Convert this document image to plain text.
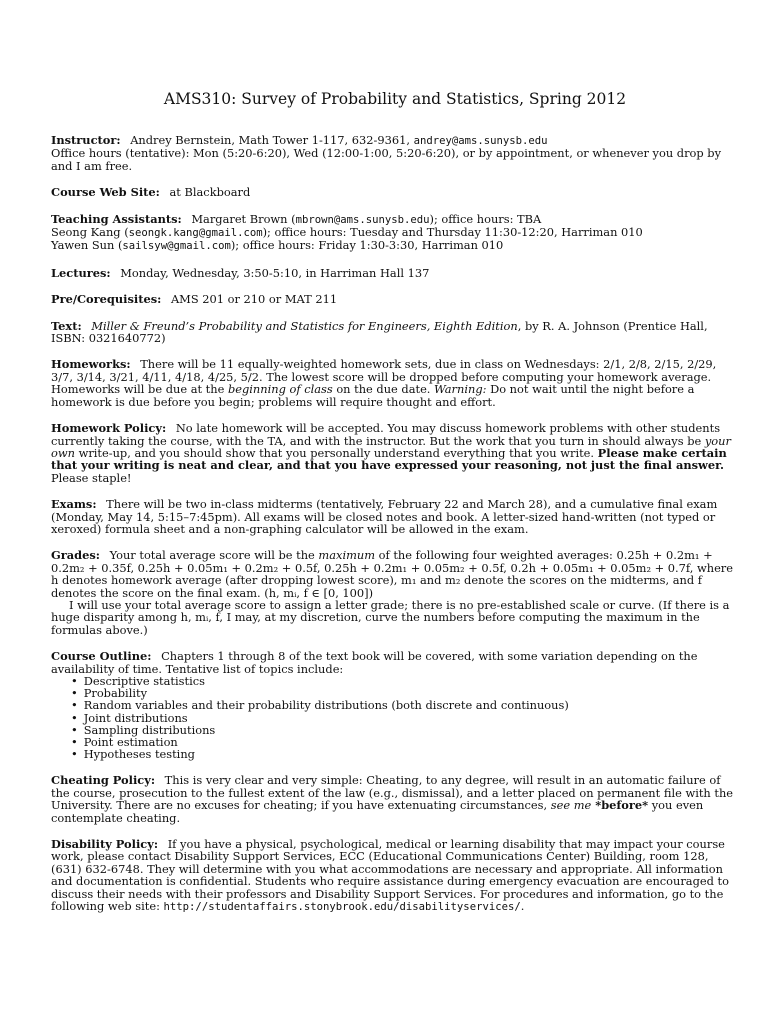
AMS310: Survey of Probability and Statistics, Spring 2012
Instructor: Andrey Bernstein, Math Tower 1-117, 632-9361, andrey@ams.sunysb.edu
Office hours (tentative): Mon (5:20-6:20), Wed (12:00-1:00, 5:20-6:20), or by appointment, or whenever you drop by and I am free.
Course Web Site: at Blackboard
Teaching Assistants: Margaret Brown (mbrown@ams.sunysb.edu); office hours: TBA
Seong Kang (seongk.kang@gmail.com); office hours: Tuesday and Thursday 11:30-12:20, Harriman 010
Yawen Sun (sailsyw@gmail.com); office hours: Friday 1:30-3:30, Harriman 010
Lectures: Monday, Wednesday, 3:50-5:10, in Harriman Hall 137
Pre/Corequisites: AMS 201 or 210 or MAT 211
Text: Miller & Freund’s Probability and Statistics for Engineers, Eighth Edition, by R. A. Johnson (Prentice Hall, ISBN: 0321640772)
Homeworks: There will be 11 equally-weighted homework sets, due in class on Wednesdays: 2/1, 2/8, 2/15, 2/29, 3/7, 3/14, 3/21, 4/11, 4/18, 4/25, 5/2. The lowest score will be dropped before computing your homework average. Homeworks will be due at the beginning of class on the due date. Warning: Do not wait until the night before a homework is due before you begin; problems will require thought and effort.
Homework Policy: No late homework will be accepted. You may discuss homework problems with other students currently taking the course, with the TA, and with the instructor. But the work that you turn in should always be your own write-up, and you should show that you personally understand everything that you write. Please make certain that your writing is neat and clear, and that you have expressed your reasoning, not just the final answer. Please staple!
Exams: There will be two in-class midterms (tentatively, February 22 and March 28), and a cumulative final exam (Monday, May 14, 5:15–7:45pm). All exams will be closed notes and book. A letter-sized hand-written (not typed or xeroxed) formula sheet and a non-graphing calculator will be allowed in the exam.
Grades: Your total average score will be the maximum of the following four weighted averages: 0.25h + 0.2m₁ + 0.2m₂ + 0.35f, 0.25h + 0.05m₁ + 0.2m₂ + 0.5f, 0.25h + 0.2m₁ + 0.05m₂ + 0.5f, 0.2h + 0.05m₁ + 0.05m₂ + 0.7f, where h denotes homework average (after dropping lowest score), m₁ and m₂ denote the scores on the midterms, and f denotes the score on the final exam. (h, mᵢ, f ∈ [0, 100])
I will use your total average score to assign a letter grade; there is no pre-established scale or curve. (If there is a huge disparity among h, mᵢ, f, I may, at my discretion, curve the numbers before computing the maximum in the formulas above.)
Course Outline: Chapters 1 through 8 of the text book will be covered, with some variation depending on the availability of time. Tentative list of topics include:
• Descriptive statistics
• Probability
• Random variables and their probability distributions (both discrete and continuous)
• Joint distributions
• Sampling distributions
• Point estimation
• Hypotheses testing
Cheating Policy: This is very clear and very simple: Cheating, to any degree, will result in an automatic failure of the course, prosecution to the fullest extent of the law (e.g., dismissal), and a letter placed on permanent file with the University. There are no excuses for cheating; if you have extenuating circumstances, see me *before* you even contemplate cheating.
Disability Policy: If you have a physical, psychological, medical or learning disability that may impact your course work, please contact Disability Support Services, ECC (Educational Communications Center) Building, room 128, (631) 632-6748. They will determine with you what accommodations are necessary and appropriate. All information and documentation is confidential. Students who require assistance during emergency evacuation are encouraged to discuss their needs with their professors and Disability Support Services. For procedures and information, go to the following web site: http://studentaffairs.stonybrook.edu/disabilityservices/.
